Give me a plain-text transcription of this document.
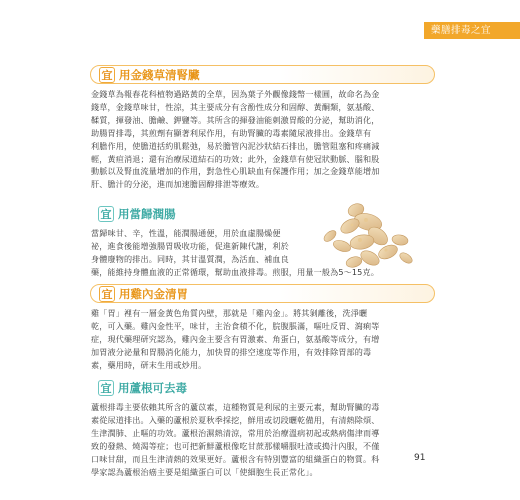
藥膳排毒之宜
宜 用金錢草清腎臟

金錢草為報春花科植物過路黃的全草，因為葉子外觀像錢幣一樣圓，故命名為金

錢草，金錢草味甘，性涼，其主要成分有含酚性成分和固醇、黃酮類，氨基酸、

鞣質，揮發油、膽鹼、鉀鹽等。其所含的揮發油能刺激胃酸的分泌，幫助消化，

助腸胃排毒，其煎劑有顯著利尿作用，有助腎臟的毒素隨尿液排出。金錢草有

利膽作用，使膽道括約肌鬆弛，易於膽管內泥沙狀結石排出，膽管阻塞和疼痛減

輕，黃疸消退；還有治療尿道結石的功效；此外，金錢草有使冠狀動脈、腦和股

動脈以及腎血流量增加的作用，對急性心肌缺血有保護作用；加之金錢草能增加

肝、膽汁的分泌，進而加速膽固醇排泄等療效。

宜 用當歸潤腸

當歸味甘、辛，性溫，能潤腸通便，用於血虛腸燥便

祕，進食後能增強腸胃吸收功能，促進新陳代謝，利於

身體廢物的排出。同時，其甘溫質潤，為活血、補血良

藥，能維持身體血液的正常循環，幫助血液排毒。煎服，用量一般為5～15克。

宜 用雞內金清胃

雞「胃」裡有一層金黃色角質內壁，那就是「雞內金」。將其剝離後，洗淨曬

乾，可入藥。雞內金性平，味甘，主治食積不化，脘腹脹滿，嘔吐反胃、瀉痢等

症，現代藥理研究認為，雞內金主要含有胃激素、角蛋白，氨基酸等成分，有增

加胃液分泌量和胃腸消化能力，加快胃的排空速度等作用，有效排除胃部的毒

素，藥用時，研末生用或炒用。

宜 用蘆根可去毒

蘆根排毒主要依賴其所含的蘆苡素，這種物質是利尿的主要元素，幫助腎臟的毒

素從尿道排出。入藥的蘆根於夏秋季採挖，鮮用或切段曬乾備用，有清熱除煩、

生津潤肺、止嘔的功效。蘆根治濕熱清涼，常用於治療溫病初起或熱病傷津而導

致的發熱、燒渴等症；也可把新鮮蘆根像吃甘蔗那樣嚼服吐渣或搗汁內服，不僅

口味甘甜，而且生津清熱的效果更好。蘆根含有特別豐富的組織蛋白的物質。科

學家認為蘆根治癌主要是組織蛋白可以「使細胞生長正常化」。

91
